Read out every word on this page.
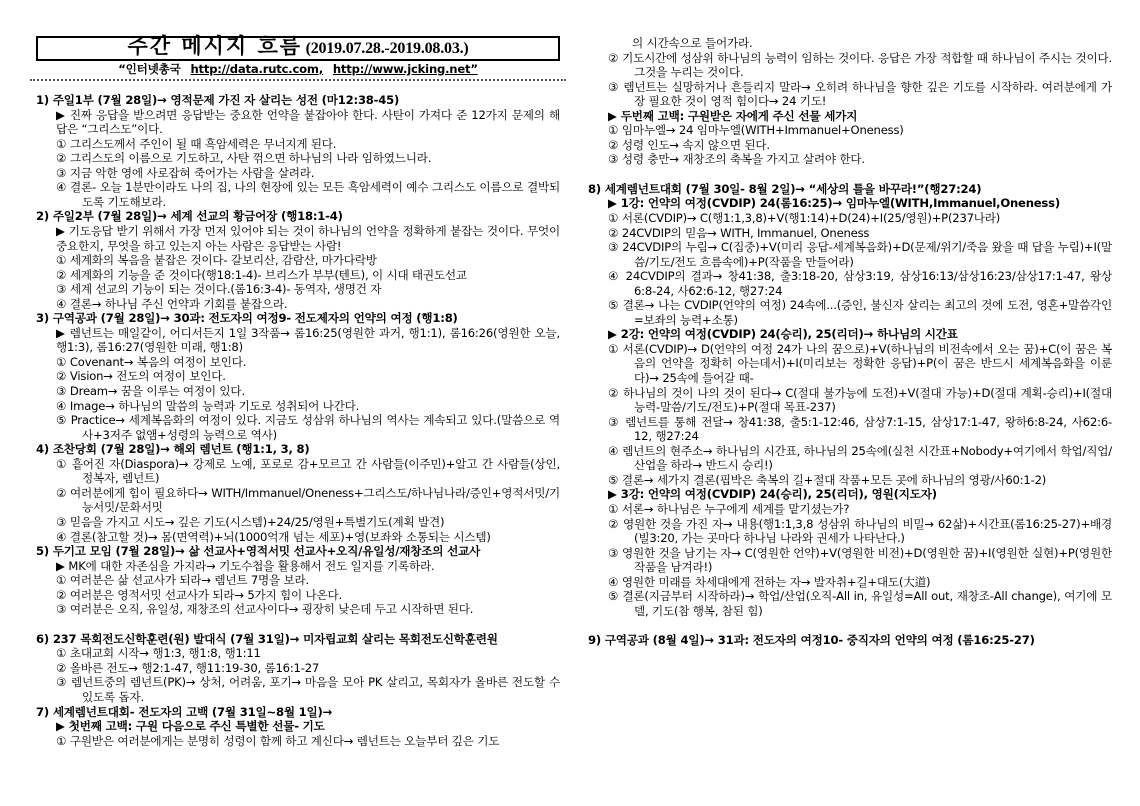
주간 메시지 흐름 (2019.07.28.-2019.08.03.)
“인터넷총국 http://data.rutc.com, http://www.jcking.net”
1) 주일1부 (7월 28일)→ 영적문제 가진 자 살리는 성전 (마12:38-45)
▶ 진짜 응답을 받으려면 응답받는 중요한 언약을 붙잡아야 한다. 사탄이 가져다 준 12가지 문제의 해답은 “그리스도”이다.
① 그리스도께서 주인이 될 때 흑암세력은 무너지게 된다.
② 그리스도의 이름으로 기도하고, 사탄 꺾으면 하나님의 나라 임하였느니라.
③ 지금 악한 영에 사로잡혀 죽어가는 사람을 살려라.
④ 결론- 오늘 1분만이라도 나의 집, 나의 현장에 있는 모든 흑암세력이 예수 그리스도 이름으로 결박되도록 기도해보라.
2) 주일2부 (7월 28일)→ 세계 선교의 황금어장 (행18:1-4)
▶ 기도응답 받기 위해서 가장 먼저 있어야 되는 것이 하나님의 언약을 정확하게 붙잡는 것이다. 무엇이 중요한지, 무엇을 하고 있는지 아는 사람은 응답받는 사람!
① 세계화의 복음을 붙잡은 것이다- 갈보리산, 감람산, 마가다락방
② 세계화의 기능을 준 것이다(행18:1-4)- 브리스가 부부(텐트), 이 시대 태권도선교
③ 세계 선교의 기능이 되는 것이다.(롬16:3-4)- 동역자, 생명건 자
④ 결론→ 하나님 주신 언약과 기회를 붙잡으라.
3) 구역공과 (7월 28일)→ 30과: 전도자의 여정9- 전도제자의 언약의 여정 (행1:8)
▶ 렘넌트는 매일같이, 어디서든지 1일 3작품→ 롬16:25(영원한 과거, 행1:1), 롬16:26(영원한 오늘, 행1:3), 롬16:27(영원한 미래, 행1:8)
① Covenant→ 복음의 여정이 보인다.
② Vision→ 전도의 여정이 보인다.
③ Dream→ 꿈을 이루는 여정이 있다.
④ Image→ 하나님의 말씀의 능력과 기도로 성취되어 나간다.
⑤ Practice→ 세계복음화의 여정이 있다. 지금도 성삼위 하나님의 역사는 계속되고 있다.(말씀으로 역사+3저주 없앰+성령의 능력으로 역사)
4) 조찬당회 (7월 28일)→ 해외 렘넌트 (행1:1, 3, 8)
① 흩어진 자(Diaspora)→ 강제로 노예, 포로로 감+모르고 간 사람들(이주민)+알고 간 사람들(상인, 정복자, 렘넌트)
② 여러분에게 힘이 필요하다→ WITH/Immanuel/Oneness+그리스도/하나님나라/증인+영적서밋/기능서밋/문화서밋
③ 믿음을 가지고 시도→ 깊은 기도(시스템)+24/25/영원+특별기도(계획 발견)
④ 결론(참고할 것)→ 몸(면역력)+뇌(1000억개 넘는 세포)+영(보좌와 소통되는 시스템)
5) 두기고 모임 (7월 28일)→ 삶 선교사+영적서밋 선교사+오직/유일성/재창조의 선교사
▶ MK에 대한 자존심을 가지라→ 기도수첩을 활용해서 전도 일지를 기록하라.
① 여러분은 삶 선교사가 되라→ 렘넌트 7명을 보라.
② 여러분은 영적서밋 선교사가 되라→ 5가지 힘이 나온다.
③ 여러분은 오직, 유일성, 재창조의 선교사이다→ 굉장히 낮은데 두고 시작하면 된다.
6) 237 목회전도신학훈련(원) 발대식 (7월 31일)→ 미자립교회 살리는 목회전도신학훈련원
① 초대교회 시작→ 행1:3, 행1:8, 행1:11
② 올바른 전도→ 행2:1-47, 행11:19-30, 롬16:1-27
③ 렘넌트중의 렘넌트(PK)→ 상처, 어려움, 포기→ 마음을 모아 PK 살리고, 목회자가 올바른 전도할 수 있도록 돕자.
7) 세계렘넌트대회- 전도자의 고백 (7월 31일~8월 1일)→
▶ 첫번째 고백: 구원 다음으로 주신 특별한 선물- 기도
① 구원받은 여러분에게는 분명히 성령이 함께 하고 계신다→ 렘넌트는 오늘부터 깊은 기도
의 시간속으로 들어가라.
② 기도시간에 성삼위 하나님의 능력이 임하는 것이다. 응답은 가장 적합할 때 하나님이 주시는 것이다. 그것을 누리는 것이다.
③ 렘넌트는 실망하거나 흔들리지 말라→ 오히려 하나님을 향한 깊은 기도를 시작하라. 여러분에게 가장 필요한 것이 영적 힘이다→ 24 기도!
▶ 두번째 고백: 구원받은 자에게 주신 선물 세가지
① 임마누엘→ 24 임마누엘(WITH+Immanuel+Oneness)
② 성령 인도→ 속지 않으면 된다.
③ 성령 충만→ 재창조의 축복을 가지고 살려야 한다.
8) 세계렘넌트대회 (7월 30일- 8월 2일)→ “세상의 틀을 바꾸라!”(행27:24)
▶ 1강: 언약의 여정(CVDIP) 24(롬16:25)→ 임마누엘(WITH,Immanuel,Oneness)
① 서론(CVDIP)→ C(행1:1,3,8)+V(행1:14)+D(24)+I(25/영원)+P(237나라)
② 24CVDIP의 믿음→ WITH, Immanuel, Oneness
③ 24CVDIP의 누림→ C(집중)+V(미리 응답-세계복음화)+D(문제/위기/죽음 왔을 때 답을 누림)+I(말씀/기도/전도 흐름속에)+P(작품을 만들어라)
④ 24CVDIP의 결과→ 창41:38, 출3:18-20, 삼상3:19, 삼상16:13/삼상16:23/삼상17:1-47, 왕상6:8-24, 사62:6-12, 행27:24
⑤ 결론→ 나는 CVDIP(언약의 여정) 24속에...(증인, 불신자 살리는 최고의 것에 도전, 영혼+말씀각인=보좌의 능력+소통)
▶ 2강: 언약의 여정(CVDIP) 24(승리), 25(리더)→ 하나님의 시간표
① 서론(CVDIP)→ D(언약의 여정 24가 나의 꿈으로)+V(하나님의 비전속에서 오는 꿈)+C(이 꿈은 복음의 언약을 정확히 아는데서)+I(미리보는 정확한 응답)+P(이 꿈은 반드시 세계복음화을 이룬다)→ 25속에 들어갈 때-
② 하나님의 것이 나의 것이 된다→ C(절대 불가능에 도전)+V(절대 가능)+D(절대 계획-승리)+I(절대 능력-말씀/기도/전도)+P(절대 목표-237)
③ 렘넌트를 통해 전달→ 창41:38, 출5:1-12:46, 삼상7:1-15, 삼상17:1-47, 왕하6:8-24, 사62:6-12, 행27:24
④ 렘넌트의 현주소→ 하나님의 시간표, 하나님의 25속에(실천 시간표+Nobody+여기에서 학업/직업/산업을 하라→ 반드시 승리!)
⑤ 결론→ 세가지 결론(핍박은 축복의 길+절대 작품+모든 곳에 하나님의 영광/사60:1-2)
▶ 3강: 언약의 여정(CVDIP) 24(승리), 25(리더), 영원(지도자)
① 서론→ 하나님은 누구에게 세계를 맡기셨는가?
② 영원한 것을 가진 자→ 내용(행1:1,3,8 성삼위 하나님의 비밀→ 62삶)+시간표(롬16:25-27)+배경(빌3:20, 가는 곳마다 하나님 나라와 권세가 나타난다.)
③ 영원한 것을 남기는 자→ C(영원한 언약)+V(영원한 비전)+D(영원한 꿈)+I(영원한 실현)+P(영원한 작품을 남겨라!)
④ 영원한 미래를 차세대에게 전하는 자→ 발자취+길+대도(大道)
⑤ 결론(지금부터 시작하라)→ 학업/산업(오직-All in, 유일성=All out, 재창조-All change), 여기에 모델, 기도(참 행복, 참된 힘)
9) 구역공과 (8월 4일)→ 31과: 전도자의 여정10- 중직자의 언약의 여정 (롬16:25-27)
